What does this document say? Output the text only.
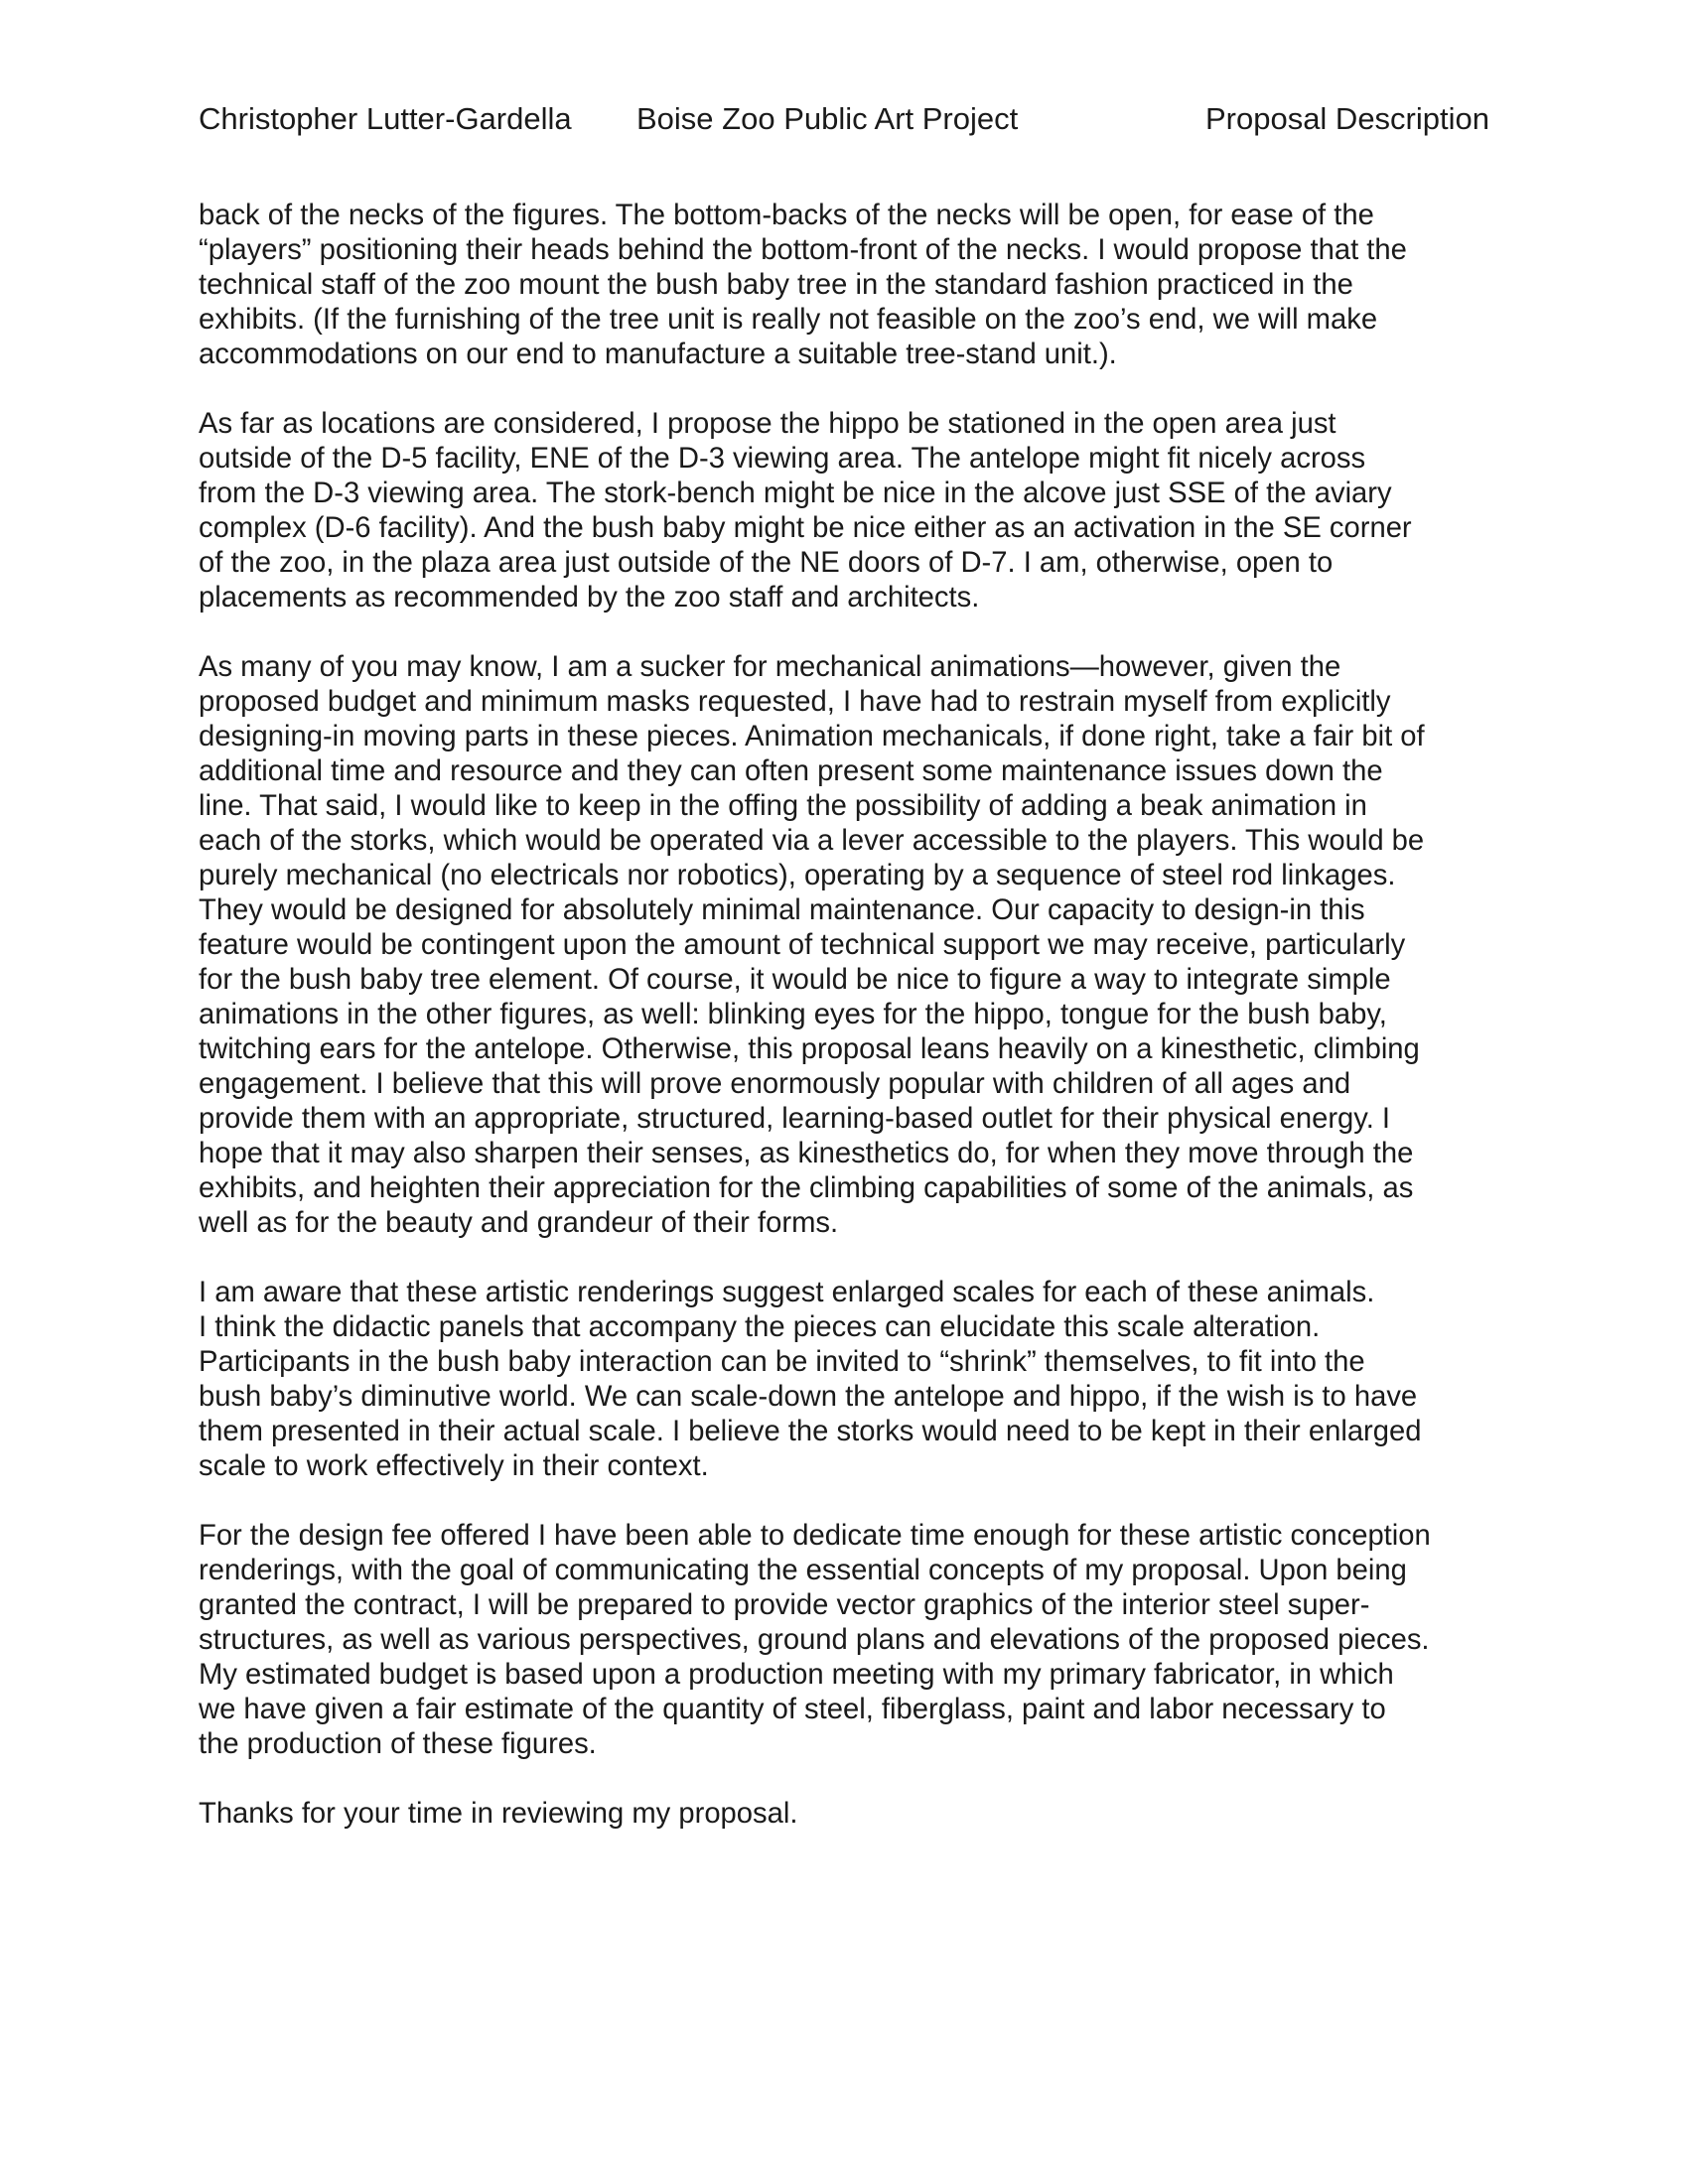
Christopher Lutter-Gardella Boise Zoo Public Art Project	Proposal Description

back of the necks of the figures. The bottom-backs of the necks will be open, for ease of the
“players” positioning their heads behind the bottom-front of the necks. I would propose that the
technical staff of the zoo mount the bush baby tree in the standard fashion practiced in the
exhibits. (If the furnishing of the tree unit is really not feasible on the zoo’s end, we will make
accommodations on our end to manufacture a suitable tree-stand unit.).

As far as locations are considered, I propose the hippo be stationed in the open area just
outside of the D-5 facility, ENE of the D-3 viewing area. The antelope might fit nicely across
from the D-3 viewing area. The stork-bench might be nice in the alcove just SSE of the aviary
complex (D-6 facility). And the bush baby might be nice either as an activation in the SE corner
of the zoo, in the plaza area just outside of the NE doors of D-7. I am, otherwise, open to
placements as recommended by the zoo staff and architects.

As many of you may know, I am a sucker for mechanical animations—however, given the
proposed budget and minimum masks requested, I have had to restrain myself from explicitly
designing-in moving parts in these pieces. Animation mechanicals, if done right, take a fair bit of
additional time and resource and they can often present some maintenance issues down the
line. That said, I would like to keep in the offing the possibility of adding a beak animation in
each of the storks, which would be operated via a lever accessible to the players. This would be
purely mechanical (no electricals nor robotics), operating by a sequence of steel rod linkages.
They would be designed for absolutely minimal maintenance. Our capacity to design-in this
feature would be contingent upon the amount of technical support we may receive, particularly
for the bush baby tree element. Of course, it would be nice to figure a way to integrate simple
animations in the other figures, as well: blinking eyes for the hippo, tongue for the bush baby,
twitching ears for the antelope. Otherwise, this proposal leans heavily on a kinesthetic, climbing
engagement. I believe that this will prove enormously popular with children of all ages and
provide them with an appropriate, structured, learning-based outlet for their physical energy. I
hope that it may also sharpen their senses, as kinesthetics do, for when they move through the
exhibits, and heighten their appreciation for the climbing capabilities of some of the animals, as
well as for the beauty and grandeur of their forms.

I am aware that these artistic renderings suggest enlarged scales for each of these animals.
I think the didactic panels that accompany the pieces can elucidate this scale alteration.
Participants in the bush baby interaction can be invited to “shrink” themselves, to fit into the
bush baby’s diminutive world. We can scale-down the antelope and hippo, if the wish is to have
them presented in their actual scale. I believe the storks would need to be kept in their enlarged
scale to work effectively in their context.

For the design fee offered I have been able to dedicate time enough for these artistic conception
renderings, with the goal of communicating the essential concepts of my proposal. Upon being
granted the contract, I will be prepared to provide vector graphics of the interior steel super-
structures, as well as various perspectives, ground plans and elevations of the proposed pieces.
My estimated budget is based upon a production meeting with my primary fabricator, in which
we have given a fair estimate of the quantity of steel, fiberglass, paint and labor necessary to
the production of these figures.

Thanks for your time in reviewing my proposal.
